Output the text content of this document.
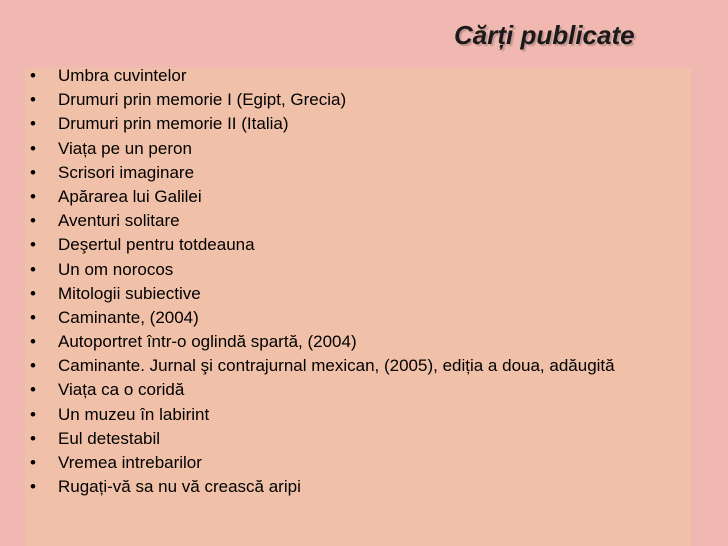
Cărți publicate
• Umbra cuvintelor
• Drumuri prin memorie I (Egipt, Grecia)
• Drumuri prin memorie II (Italia)
• Viața pe un peron
• Scrisori imaginare
• Apărarea lui Galilei
• Aventuri solitare
• Deşertul pentru totdeauna
• Un om norocos
• Mitologii subiective
• Caminante, (2004)
• Autoportret într-o oglindă spartă, (2004)
• Caminante. Jurnal şi contrajurnal mexican, (2005), ediția a doua, adăugită
• Viața ca o coridă
• Un muzeu în labirint
• Eul detestabil
• Vremea intrebarilor
• Rugați-vă sa nu vă crească aripi
